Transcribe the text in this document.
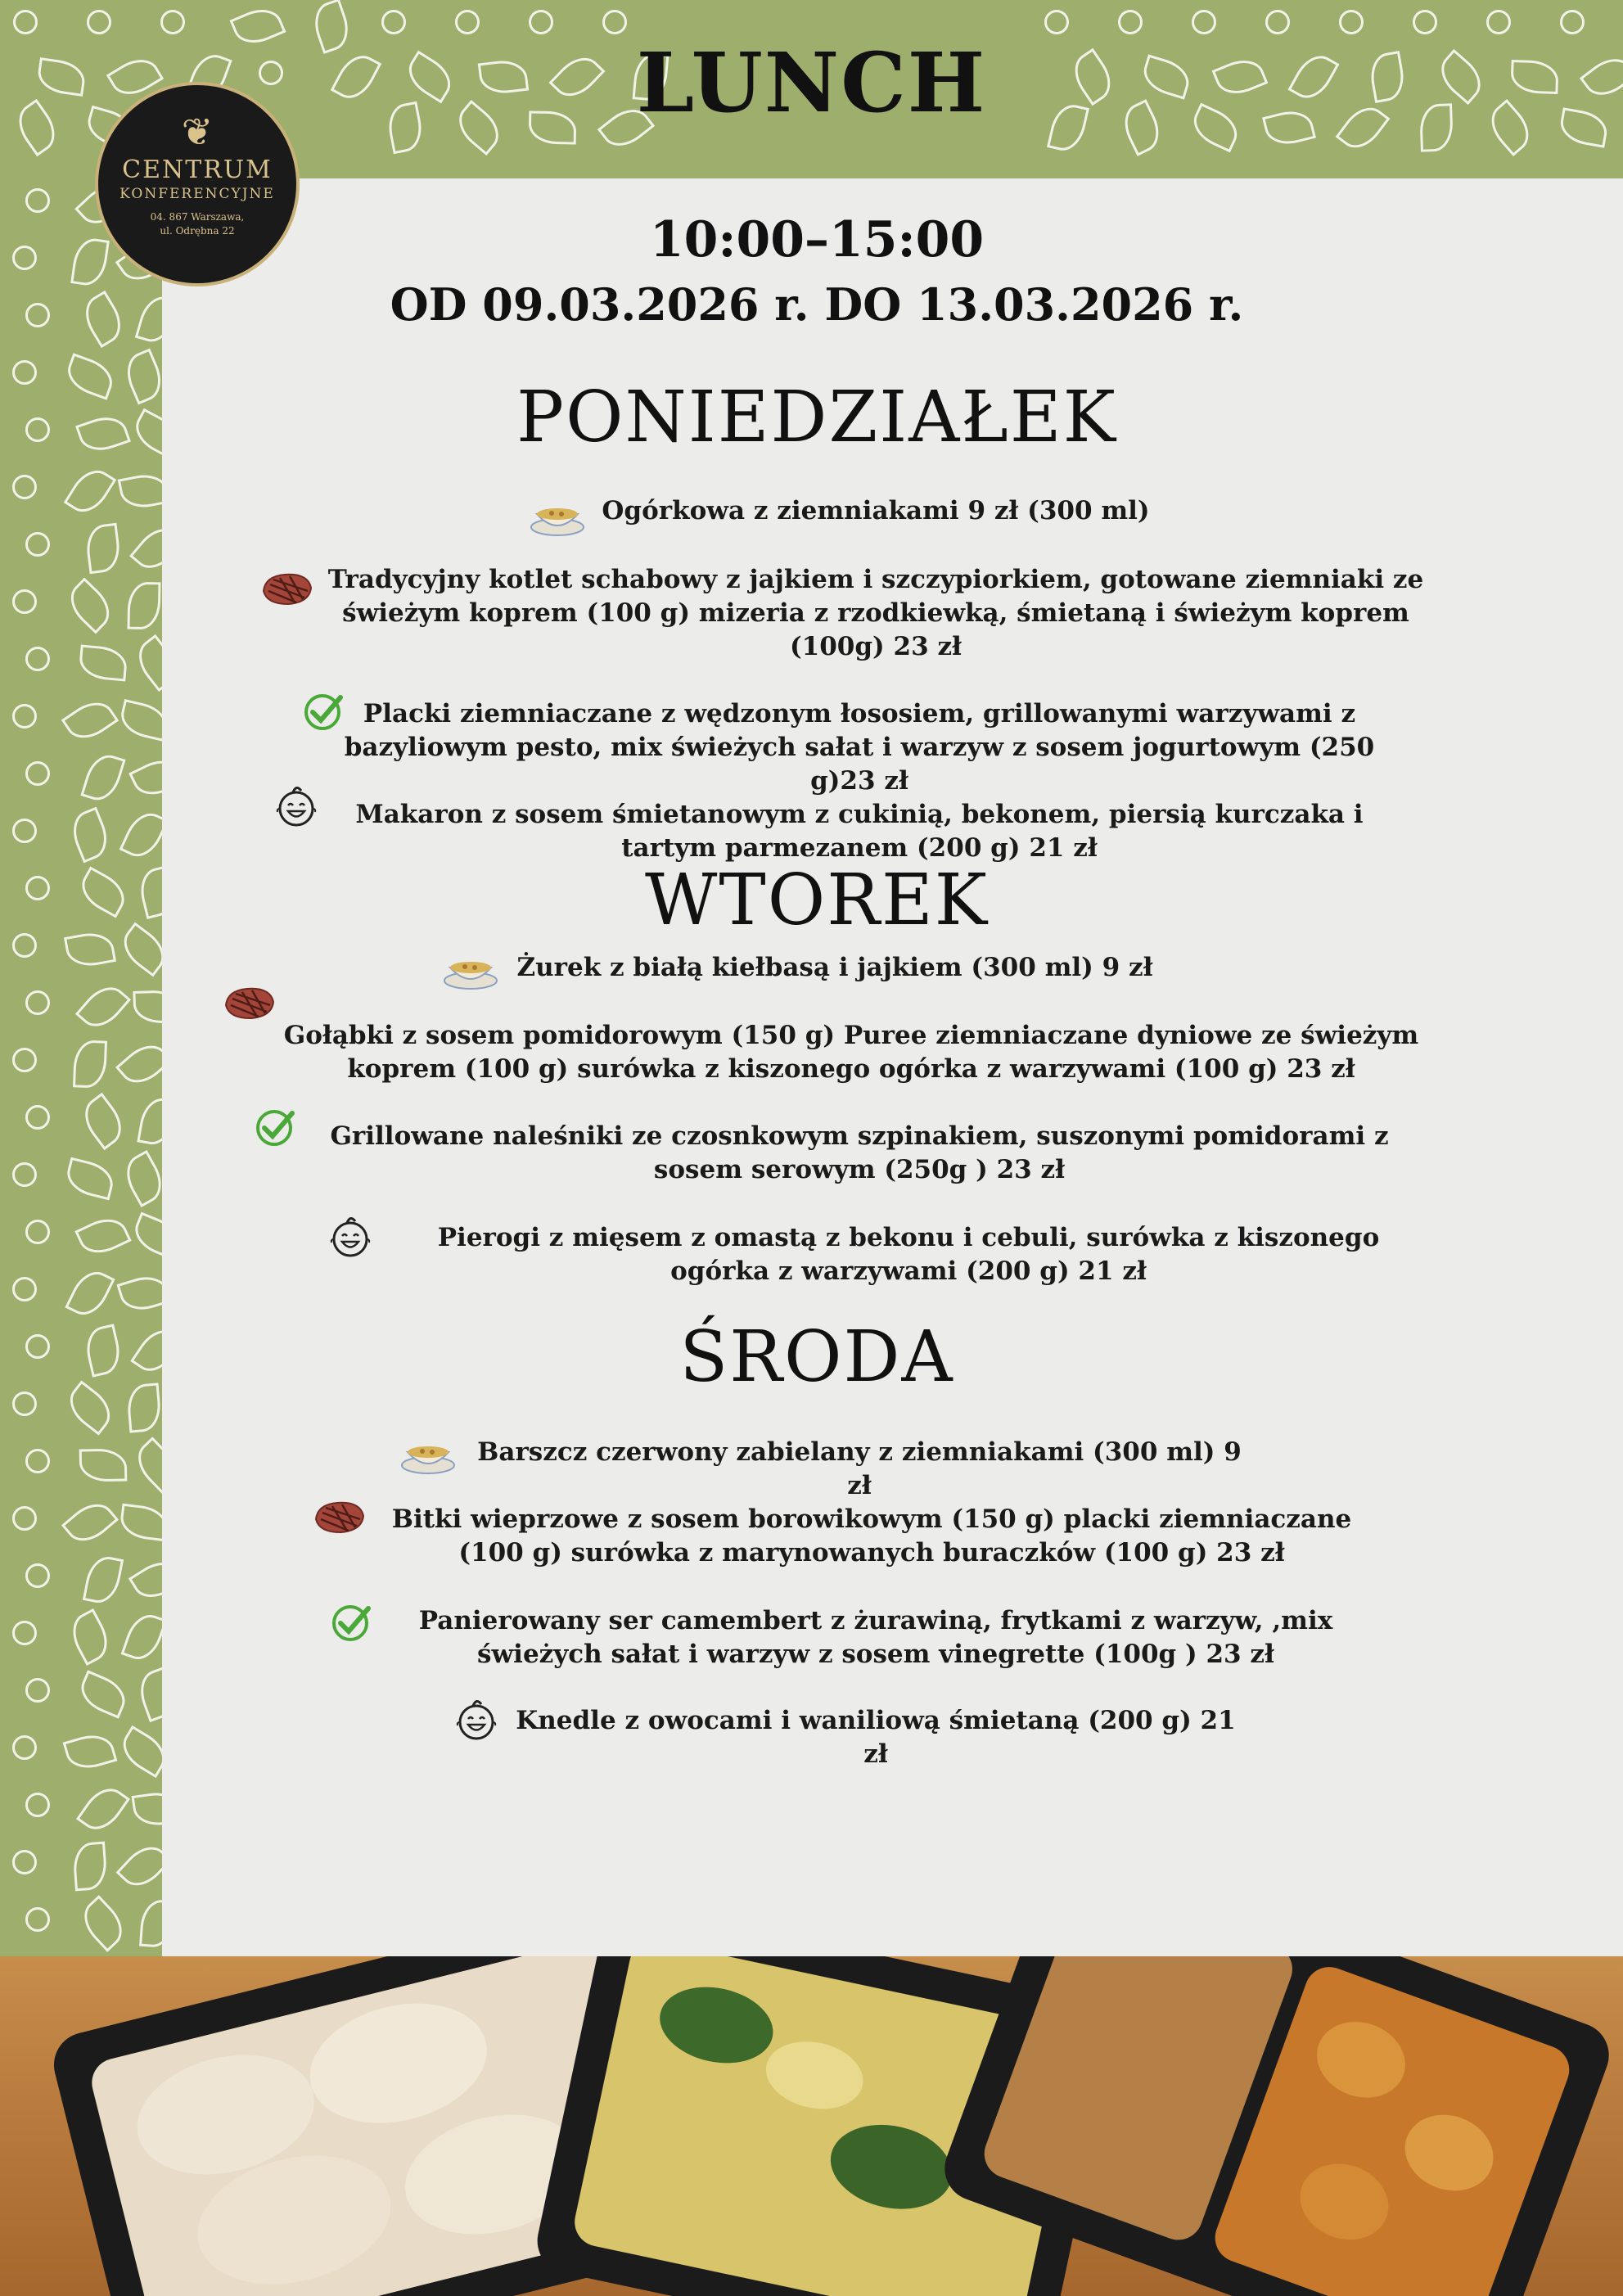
LUNCH
❦
CENTRUM
KONFERENCYJNE
04. 867 Warszawa,
ul. Odrębna 22	10:00–15:00
OD 09.03.2026 r. DO 13.03.2026 r.
PONIEDZIAŁEK
Ogórkowa z ziemniakami 9 zł (300 ml)
Tradycyjny kotlet schabowy z jajkiem i szczypiorkiem, gotowane ziemniaki ze świeżym koprem (100 g) mizeria z rzodkiewką, śmietaną i świeżym koprem (100g) 23 zł
Placki ziemniaczane z wędzonym łososiem, grillowanymi warzywami z bazyliowym pesto, mix świeżych sałat i warzyw z sosem jogurtowym (250 g)23 zł
Makaron z sosem śmietanowym z cukinią, bekonem, piersią kurczaka i tartym parmezanem (200 g) 21 zł
WTOREK
Żurek z białą kiełbasą i jajkiem (300 ml) 9 zł
Gołąbki z sosem pomidorowym (150 g) Puree ziemniaczane dyniowe ze świeżym koprem (100 g) surówka z kiszonego ogórka z warzywami (100 g) 23 zł
Grillowane naleśniki ze czosnkowym szpinakiem, suszonymi pomidorami z sosem serowym (250g ) 23 zł
Pierogi z mięsem z omastą z bekonu i cebuli, surówka z kiszonego ogórka z warzywami (200 g) 21 zł
ŚRODA
Barszcz czerwony zabielany z ziemniakami (300 ml) 9 zł
Bitki wieprzowe z sosem borowikowym (150 g) placki ziemniaczane (100 g) surówka z marynowanych buraczków (100 g) 23 zł
Panierowany ser camembert z żurawiną, frytkami z warzyw, ,mix świeżych sałat i warzyw z sosem vinegrette (100g ) 23 zł
Knedle z owocami i waniliową śmietaną (200 g) 21 zł
